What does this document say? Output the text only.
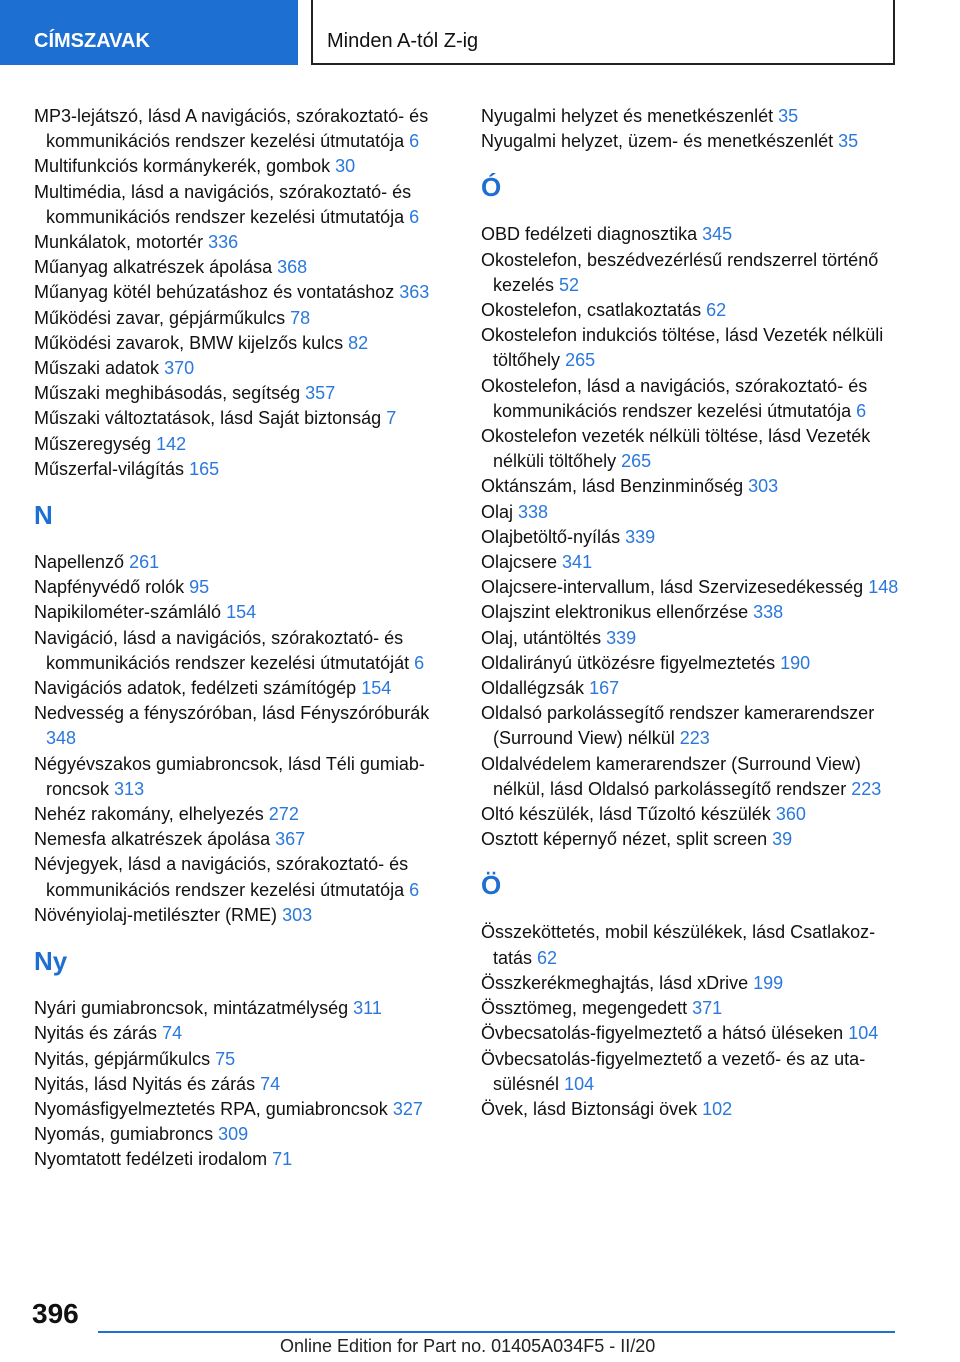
CÍMSZAVAK	Minden A-tól Z-ig
MP3-lejátszó, lásd A navigációs, szórakoztató- és kommunikációs rendszer kezelési útmutatója 6
Multifunkciós kormánykerék, gombok 30
Multimédia, lásd a navigációs, szórakoztató- és kommunikációs rendszer kezelési útmutatója 6
Munkálatok, motortér 336
Műanyag alkatrészek ápolása 368
Műanyag kötél behúzatáshoz és vontatáshoz 363
Működési zavar, gépjárműkulcs 78
Működési zavarok, BMW kijelzős kulcs 82
Műszaki adatok 370
Műszaki meghibásodás, segítség 357
Műszaki változtatások, lásd Saját biztonság 7
Műszeregység 142
Műszerfal-világítás 165
N
Napellenző 261
Napfényvédő rolók 95
Napikilométer-számláló 154
Navigáció, lásd a navigációs, szórakoztató- és kommunikációs rendszer kezelési útmutatóját 6
Navigációs adatok, fedélzeti számítógép 154
Nedvesség a fényszóróban, lásd Fényszóróburák 348
Négyévszakos gumiabroncsok, lásd Téli gumiabroncsok 313
Nehéz rakomány, elhelyezés 272
Nemesfa alkatrészek ápolása 367
Névjegyek, lásd a navigációs, szórakoztató- és kommunikációs rendszer kezelési útmutatója 6
Növényiolaj-metilészter (RME) 303
Ny
Nyári gumiabroncsok, mintázatmélység 311
Nyitás és zárás 74
Nyitás, gépjárműkulcs 75
Nyitás, lásd Nyitás és zárás 74
Nyomásfigyelmeztetés RPA, gumiabroncsok 327
Nyomás, gumiabroncs 309
Nyomtatott fedélzeti irodalom 71
Nyugalmi helyzet és menetkészenlét 35
Nyugalmi helyzet, üzem- és menetkészenlét 35
Ó
OBD fedélzeti diagnosztika 345
Okostelefon, beszédvezérlésű rendszerrel történő kezelés 52
Okostelefon, csatlakoztatás 62
Okostelefon indukciós töltése, lásd Vezeték nélküli töltőhely 265
Okostelefon, lásd a navigációs, szórakoztató- és kommunikációs rendszer kezelési útmutatója 6
Okostelefon vezeték nélküli töltése, lásd Vezeték nélküli töltőhely 265
Oktánszám, lásd Benzinminőség 303
Olaj 338
Olajbetöltő-nyílás 339
Olajcsere 341
Olajcsere-intervallum, lásd Szervizesedékesség 148
Olajszint elektronikus ellenőrzése 338
Olaj, utántöltés 339
Oldalirányú ütközésre figyelmeztetés 190
Oldallégzsák 167
Oldalsó parkolássegítő rendszer kamerarendszer (Surround View) nélkül 223
Oldalvédelem kamerarendszer (Surround View) nélkül, lásd Oldalsó parkolássegítő rendszer 223
Oltó készülék, lásd Tűzoltó készülék 360
Osztott képernyő nézet, split screen 39
Ö
Összeköttetés, mobil készülékek, lásd Csatlakoztatás 62
Összkerékmeghajtás, lásd xDrive 199
Össztömeg, megengedett 371
Övbecsatolás-figyelmeztető a hátsó üléseken 104
Övbecsatolás-figyelmeztető a vezető- és az utasülésnél 104
Övek, lásd Biztonsági övek 102
396
Online Edition for Part no. 01405A034F5 - II/20
